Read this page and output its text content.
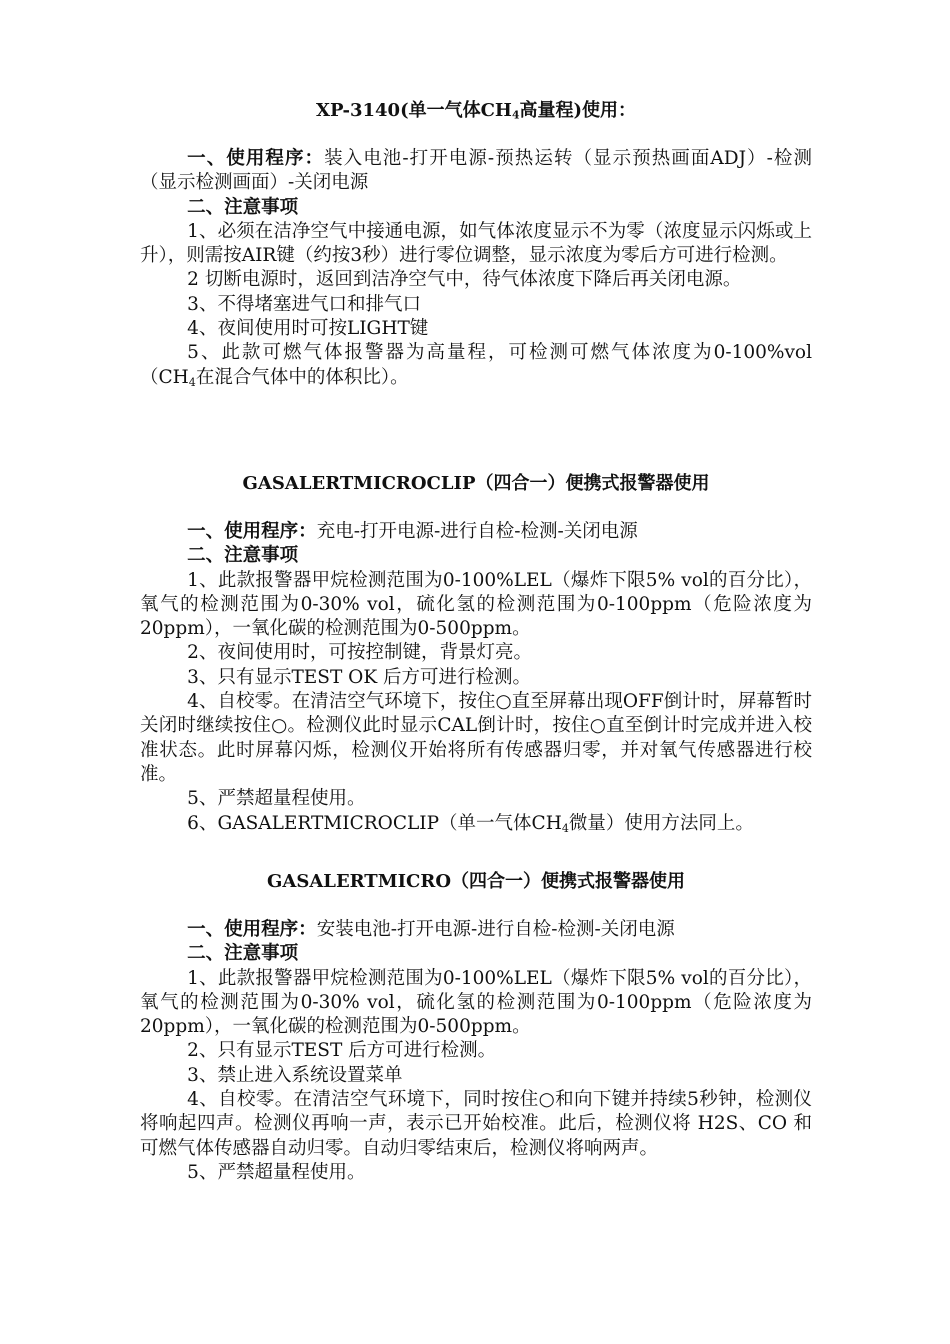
XP-3140(单一气体$CH_4$高量程)使用：

一、使用程序：装入电池-打开电源-预热运转（显示预热画面ADJ）-检测（显示检测画面）-关闭电源

二、注意事项

1、必须在洁净空气中接通电源，如气体浓度显示不为零（浓度显示闪烁或上升），则需按AIR键（约按3秒）进行零位调整，显示浓度为零后方可进行检测。

2 切断电源时，返回到洁净空气中，待气体浓度下降后再关闭电源。

3、不得堵塞进气口和排气口

4、夜间使用时可按LIGHT键

5、此款可燃气体报警器为高量程，可检测可燃气体浓度为$0-100\%vol(CH_4$在混合气体中的体积比）。

GASALERTMICROCLIP（四合一）便携式报警器使用

一、使用程序：充电-打开电源-进行自检-检测-关闭电源

二、注意事项

1、此款报警器甲烷检测范围为0-100%LEL（爆炸下限5% vol的百分比），氧气的检测范围为0-30% vol，硫化氢的检测范围为0-100ppm（危险浓度为20ppm），一氧化碳的检测范围为0-500ppm。

2、夜间使用时，可按控制键，背景灯亮。

3、只有显示TEST OK 后方可进行检测。

4、自校零。在清洁空气环境下，按住○直至屏幕出现OFF倒计时，屏幕暂时关闭时继续按住○。检测仪此时显示CAL倒计时，按住○直至倒计时完成并进入校准状态。此时屏幕闪烁，检测仪开始将所有传感器归零，并对氧气传感器进行校准。

5、严禁超量程使用。

6、GASALERTMICROCLIP（单一气体$CH_4$微量）使用方法同上。

GASALERTMICRO（四合一）便携式报警器使用

一、使用程序：安装电池-打开电源-进行自检-检测-关闭电源

二、注意事项

1、此款报警器甲烷检测范围为0-100%LEL（爆炸下限5% vol的百分比），氧气的检测范围为0-30% vol，硫化氢的检测范围为0-100ppm（危险浓度为20ppm），一氧化碳的检测范围为0-500ppm。

2、只有显示TEST 后方可进行检测。

3、禁止进入系统设置菜单

4、自校零。在清洁空气环境下，同时按住○和向下键并持续5秒钟，检测仪将响起四声。检测仪再响一声，表示已开始校准。此后，检测仪将 H2S、CO 和可燃气体传感器自动归零。自动归零结束后，检测仪将响两声。

5、严禁超量程使用。
